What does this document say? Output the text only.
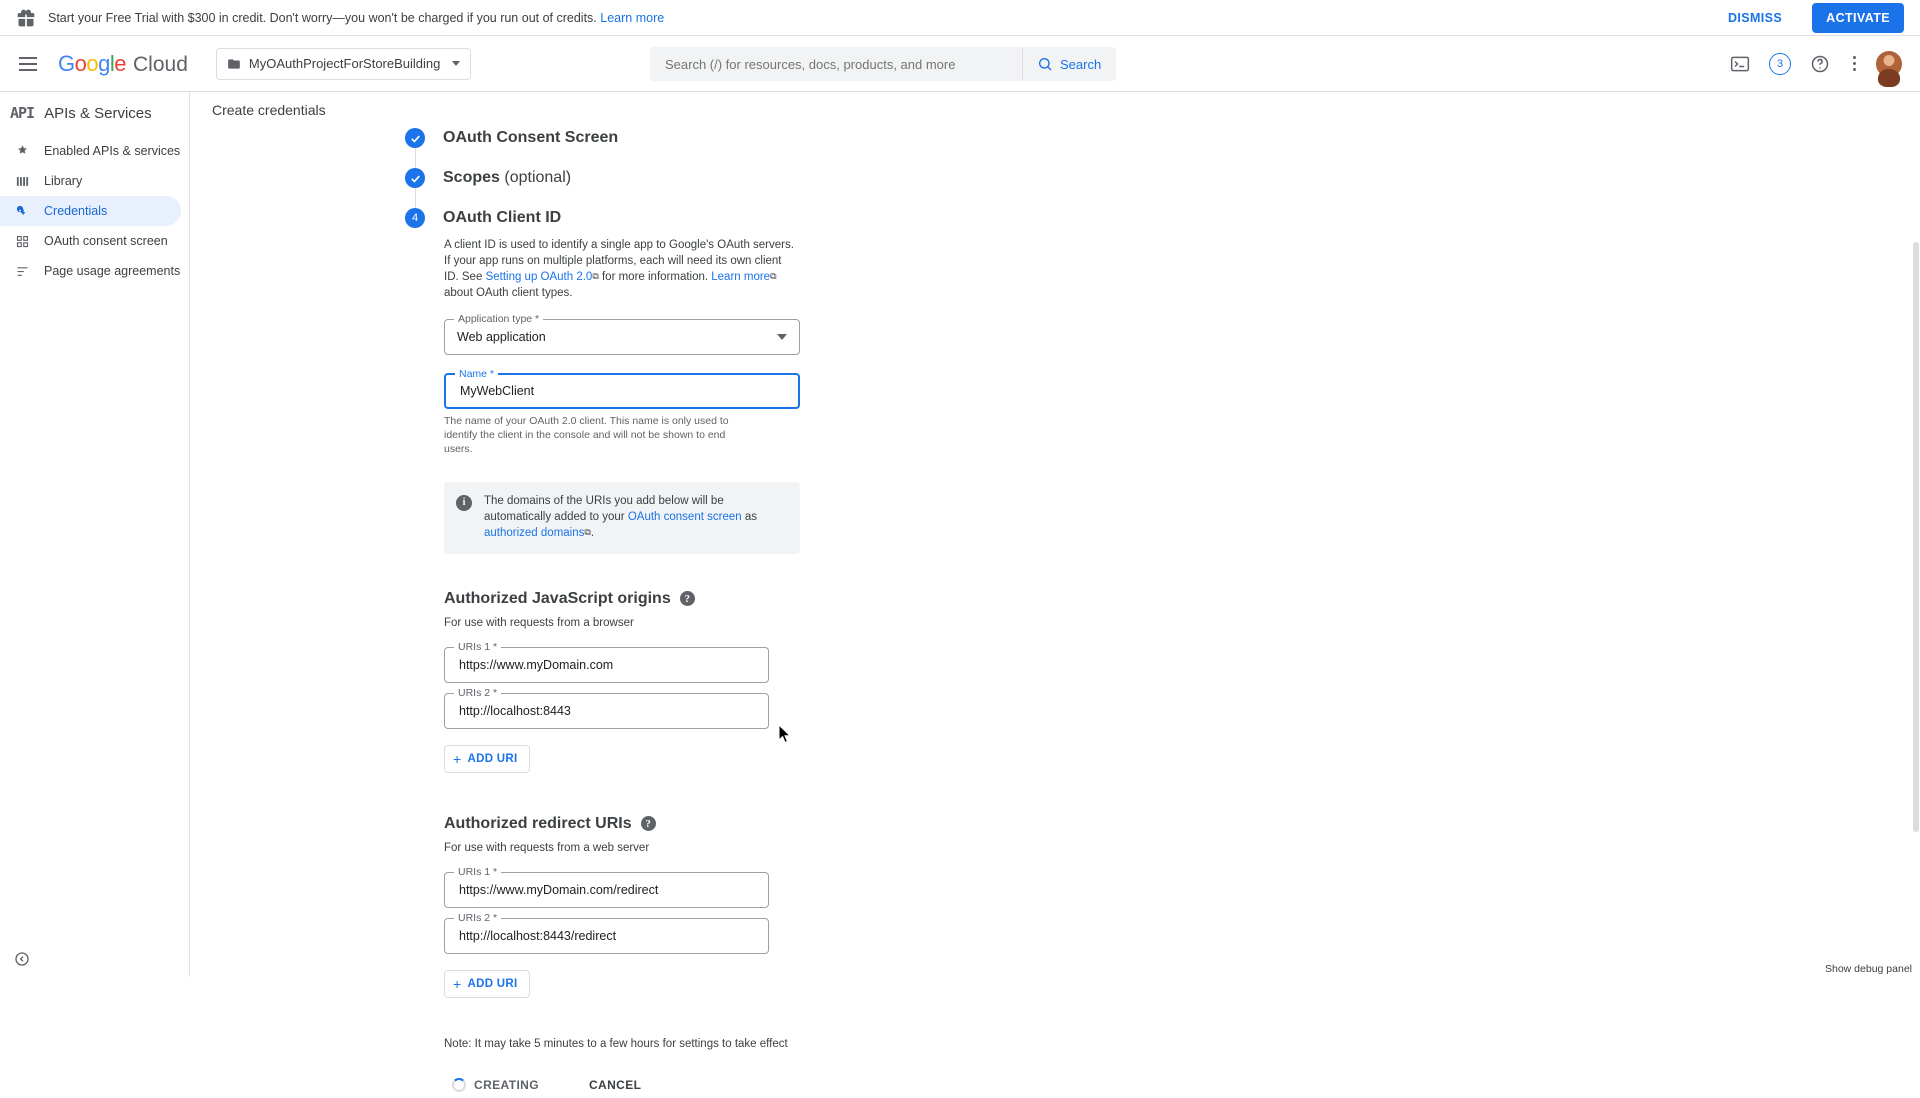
Start your Free Trial with $300 in credit. Don't worry—you won't be charged if you run out of credits. Learn more	DISMISS	ACTIVATE
Google Cloud	MyOAuthProjectForStoreBuilding
Search (/) for resources, docs, products, and more	Search	3
API APIs & Services
Enabled APIs & services
Library
Credentials
OAuth consent screen
Page usage agreements
Create credentials
OAuth Consent Screen
Scopes (optional)
4	OAuth Client ID
A client ID is used to identify a single app to Google's OAuth servers. If your app runs on multiple platforms, each will need its own client ID. See Setting up OAuth 2.0⧉ for more information. Learn more⧉ about OAuth client types.
Application type *
Web application
Name *
MyWebClient
The name of your OAuth 2.0 client. This name is only used to identify the client in the console and will not be shown to end users.
i	The domains of the URIs you add below will be automatically added to your OAuth consent screen as authorized domains⧉.
Authorized JavaScript origins	?
For use with requests from a browser
URIs 1 *
https://www.myDomain.com
URIs 2 *
http://localhost:8443
+ ADD URI
Authorized redirect URIs	?
For use with requests from a web server
URIs 1 *
https://www.myDomain.com/redirect
URIs 2 *
http://localhost:8443/redirect
+ ADD URI
Note: It may take 5 minutes to a few hours for settings to take effect
CREATING	CANCEL
Show debug panel
